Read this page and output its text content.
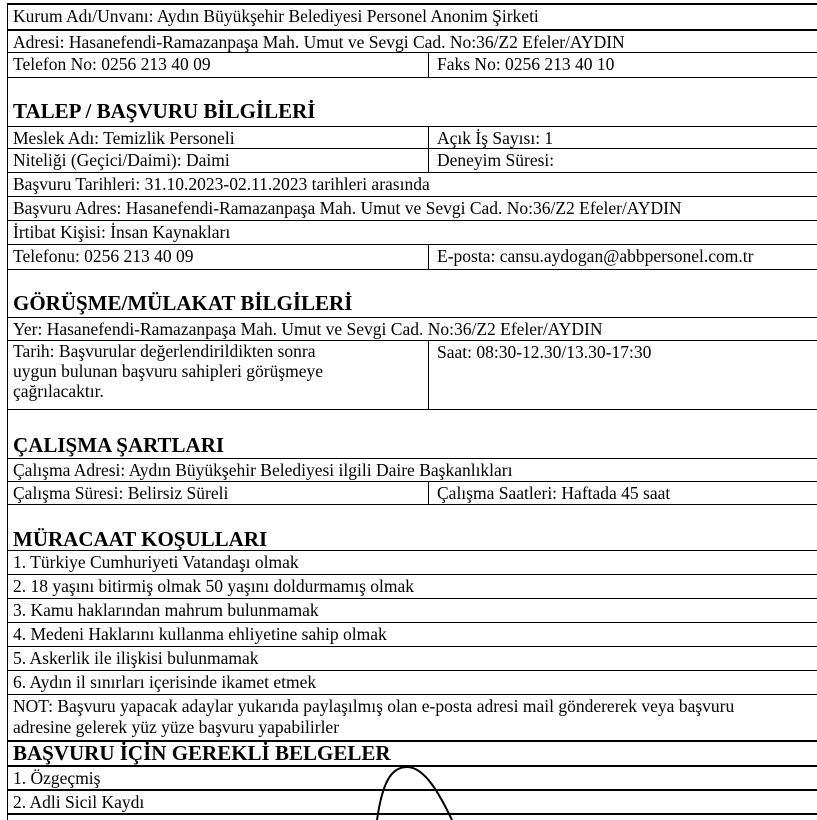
Kurum Adı/Unvanı: Aydın Büyükşehir Belediyesi Personel Anonim Şirketi
Adresi: Hasanefendi-Ramazanpaşa Mah. Umut ve Sevgi Cad. No:36/Z2 Efeler/AYDIN
Telefon No: 0256 213 40 09	Faks No: 0256 213 40 10
TALEP / BAŞVURU BİLGİLERİ
Meslek Adı: Temizlik Personeli	Açık İş Sayısı: 1
Niteliği (Geçici/Daimi): Daimi	Deneyim Süresi:
Başvuru Tarihleri: 31.10.2023-02.11.2023 tarihleri arasında
Başvuru Adres: Hasanefendi-Ramazanpaşa Mah. Umut ve Sevgi Cad. No:36/Z2 Efeler/AYDIN
İrtibat Kişisi: İnsan Kaynakları
Telefonu: 0256 213 40 09	E-posta: cansu.aydogan@abbpersonel.com.tr
GÖRÜŞME/MÜLAKAT BİLGİLERİ
Yer: Hasanefendi-Ramazanpaşa Mah. Umut ve Sevgi Cad. No:36/Z2 Efeler/AYDIN
Tarih: Başvurular değerlendirildikten sonra uygun bulunan başvuru sahipleri görüşmeye çağrılacaktır.
Saat: 08:30-12.30/13.30-17:30
ÇALIŞMA ŞARTLARI
Çalışma Adresi: Aydın Büyükşehir Belediyesi ilgili Daire Başkanlıkları
Çalışma Süresi: Belirsiz Süreli	Çalışma Saatleri: Haftada 45 saat
MÜRACAAT KOŞULLARI
1. Türkiye Cumhuriyeti Vatandaşı olmak
2. 18 yaşını bitirmiş olmak 50 yaşını doldurmamış olmak
3. Kamu haklarından mahrum bulunmamak
4. Medeni Haklarını kullanma ehliyetine sahip olmak
5. Askerlik ile ilişkisi bulunmamak
6. Aydın il sınırları içerisinde ikamet etmek
NOT: Başvuru yapacak adaylar yukarıda paylaşılmış olan e-posta adresi mail göndererek veya başvuru adresine gelerek yüz yüze başvuru yapabilirler
BAŞVURU İÇİN GEREKLİ BELGELER
1. Özgeçmiş
2. Adli Sicil Kaydı
